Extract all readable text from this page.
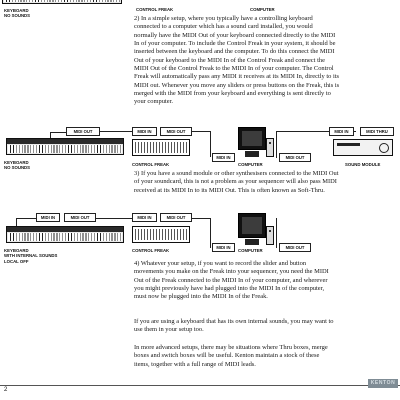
KEYBOARD
NO SOUNDS
CONTROL FREAK	COMPUTER

2) In a simple setup, where you typically have a controlling keyboard

connected to a computer which has a sound card installed, you would

normally have the MIDI Out of your keyboard connected directly to the MIDI

In of your computer. To include the Control Freak in your system, it should be

inserted between the keyboard and the computer. To do this connect the MIDI

Out of your keyboard to the MIDI In of the Control Freak and connect the

MIDI Out of the Control Freak to the MIDI In of your computer. The Control

Freak will automatically pass any MIDI it receives at its MIDI In, directly to its

MIDI out. Whenever you move any sliders or press buttons on the Freak, this is

merged with the MIDI from your keyboard and everything is sent directly to

your computer.

MIDI OUT	MIDI IN	MIDI OUT
MIDI IN	MIDI OUT
MIDI IN	MIDI THRU
KEYBOARD
NO SOUNDS
CONTROL FREAK	COMPUTER	SOUND MODULE

3) If you have a sound module or other synthesisers connected to the MIDI Out

of your soundcard, this is not a problem as your sequencer will also pass MIDI

received at its MIDI In to its MIDI Out. This is often known as Soft-Thru.

MIDI IN	MIDI OUT	MIDI IN	MIDI OUT
MIDI IN	MIDI OUT
KEYBOARD
WITH INTERNAL SOUNDS
LOCAL OFF
CONTROL FREAK	COMPUTER

4) Whatever your setup, if you want to record the slider and button

movements you make on the Freak into your sequencer, you need the MIDI

Out of the Freak connected to the MIDI In of your computer, and wherever

you might previously have had plugged into the MIDI In of the computer,

must now be plugged into the MIDI In of the Freak.

If you are using a keyboard that has its own internal sounds, you may want to

use them in your setup too.

In more advanced setups, there may be situations where Thru boxes, merge

boxes and switch boxes will be useful. Kenton maintain a stock of these

items, together with a full range of MIDI leads.

2
KENTON
